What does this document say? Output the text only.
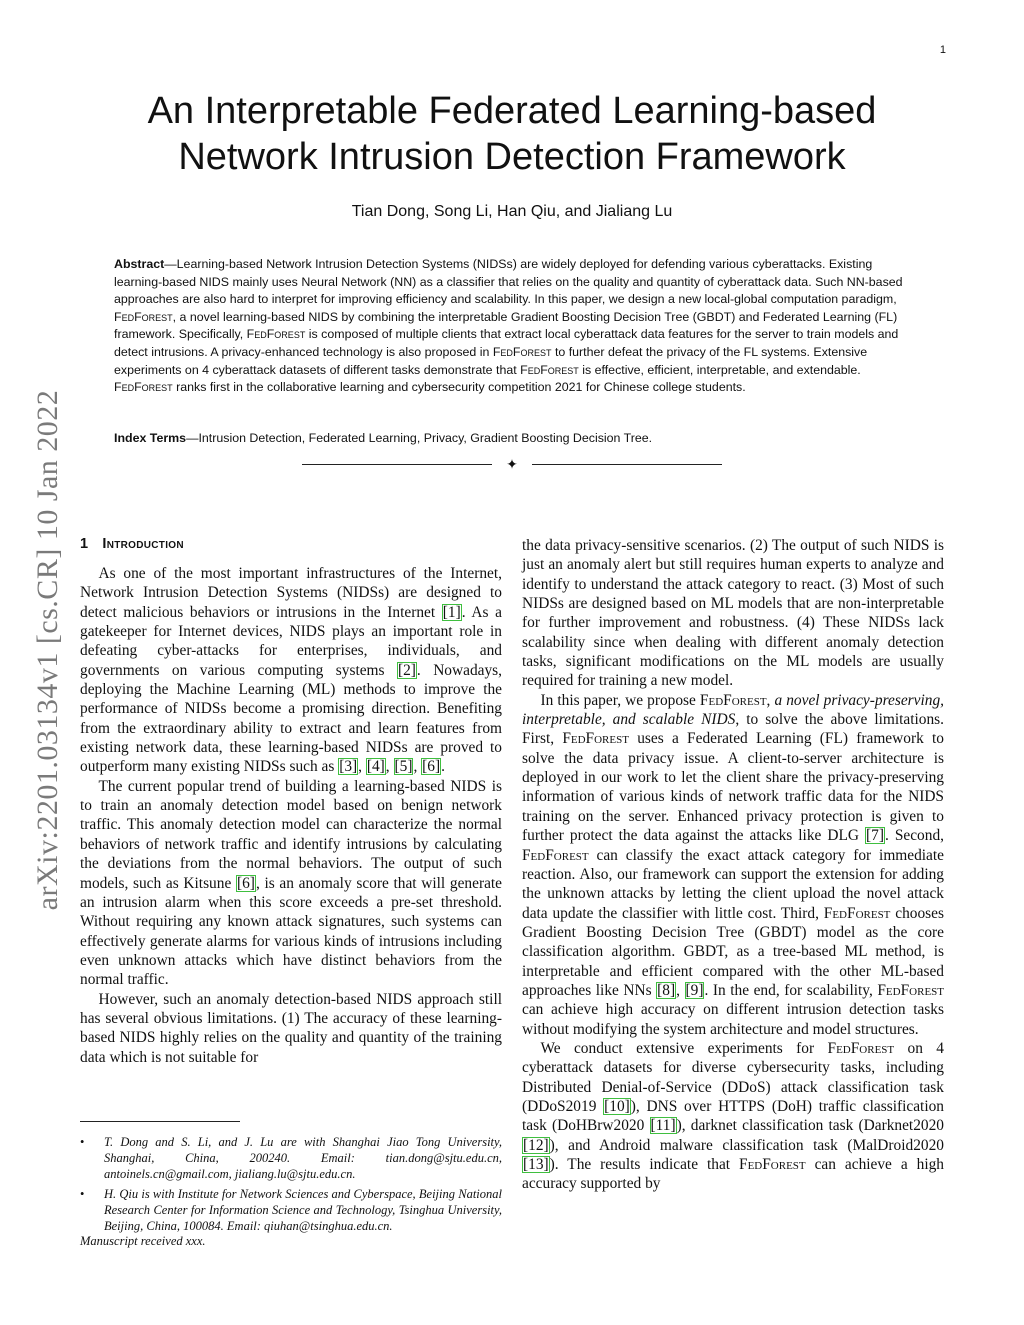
1
arXiv:2201.03134v1 [cs.CR] 10 Jan 2022
An Interpretable Federated Learning-based
Network Intrusion Detection Framework

Tian Dong, Song Li, Han Qiu, and Jialiang Lu

Abstract—Learning-based Network Intrusion Detection Systems (NIDSs) are widely deployed for defending various cyberattacks. Existing learning-based NIDS mainly uses Neural Network (NN) as a classifier that relies on the quality and quantity of cyberattack data. Such NN-based approaches are also hard to interpret for improving efficiency and scalability. In this paper, we design a new local-global computation paradigm, FedForest, a novel learning-based NIDS by combining the interpretable Gradient Boosting Decision Tree (GBDT) and Federated Learning (FL) framework. Specifically, FedForest is composed of multiple clients that extract local cyberattack data features for the server to train models and detect intrusions. A privacy-enhanced technology is also proposed in FedForest to further defeat the privacy of the FL systems. Extensive experiments on 4 cyberattack datasets of different tasks demonstrate that FedForest is effective, efficient, interpretable, and extendable. FedForest ranks first in the collaborative learning and cybersecurity competition 2021 for Chinese college students.

Index Terms—Intrusion Detection, Federated Learning, Privacy, Gradient Boosting Decision Tree.

✦
1 Introduction

As one of the most important infrastructures of the Internet, Network Intrusion Detection Systems (NIDSs) are designed to detect malicious behaviors or intrusions in the Internet [1]. As a gatekeeper for Internet devices, NIDS plays an important role in defeating cyber-attacks for enterprises, individuals, and governments on various computing systems [2]. Nowadays, deploying the Machine Learning (ML) methods to improve the performance of NIDSs become a promising direction. Benefiting from the extraordinary ability to extract and learn features from existing network data, these learning-based NIDSs are proved to outperform many existing NIDSs such as [3], [4], [5], [6].

The current popular trend of building a learning-based NIDS is to train an anomaly detection model based on benign network traffic. This anomaly detection model can characterize the normal behaviors of network traffic and identify intrusions by calculating the deviations from the normal behaviors. The output of such models, such as Kitsune [6], is an anomaly score that will generate an intrusion alarm when this score exceeds a pre-set threshold. Without requiring any known attack signatures, such systems can effectively generate alarms for various kinds of intrusions including even unknown attacks which have distinct behaviors from the normal traffic.

However, such an anomaly detection-based NIDS approach still has several obvious limitations. (1) The accuracy of these learning-based NIDS highly relies on the quality and quantity of the training data which is not suitable for

the data privacy-sensitive scenarios. (2) The output of such NIDS is just an anomaly alert but still requires human experts to analyze and identify to understand the attack category to react. (3) Most of such NIDSs are designed based on ML models that are non-interpretable for further improvement and robustness. (4) These NIDSs lack scalability since when dealing with different anomaly detection tasks, significant modifications on the ML models are usually required for training a new model.

In this paper, we propose FedForest, a novel privacy-preserving, interpretable, and scalable NIDS, to solve the above limitations. First, FedForest uses a Federated Learning (FL) framework to solve the data privacy issue. A client-to-server architecture is deployed in our work to let the client share the privacy-preserving information of various kinds of network traffic data for the NIDS training on the server. Enhanced privacy protection is given to further protect the data against the attacks like DLG [7]. Second, FedForest can classify the exact attack category for immediate reaction. Also, our framework can support the extension for adding the unknown attacks by letting the client upload the novel attack data update the classifier with little cost. Third, FedForest chooses Gradient Boosting Decision Tree (GBDT) model as the core classification algorithm. GBDT, as a tree-based ML method, is interpretable and efficient compared with the other ML-based approaches like NNs [8], [9]. In the end, for scalability, FedForest can achieve high accuracy on different intrusion detection tasks without modifying the system architecture and model structures.

We conduct extensive experiments for FedForest on 4 cyberattack datasets for diverse cybersecurity tasks, including Distributed Denial-of-Service (DDoS) attack classification task (DDoS2019 [10]), DNS over HTTPS (DoH) traffic classification task (DoHBrw2020 [11]), darknet classification task (Darknet2020 [12]), and Android malware classification task (MalDroid2020 [13]). The results indicate that FedForest can achieve a high accuracy supported by

• T. Dong and S. Li, and J. Lu are with Shanghai Jiao Tong University, Shanghai, China, 200240. Email: tian.dong@sjtu.edu.cn, antoinels.cn@gmail.com, jialiang.lu@sjtu.edu.cn.
• H. Qiu is with Institute for Network Sciences and Cyberspace, Beijing National Research Center for Information Science and Technology, Tsinghua University, Beijing, China, 100084. Email: qiuhan@tsinghua.edu.cn.

Manuscript received xxx.
